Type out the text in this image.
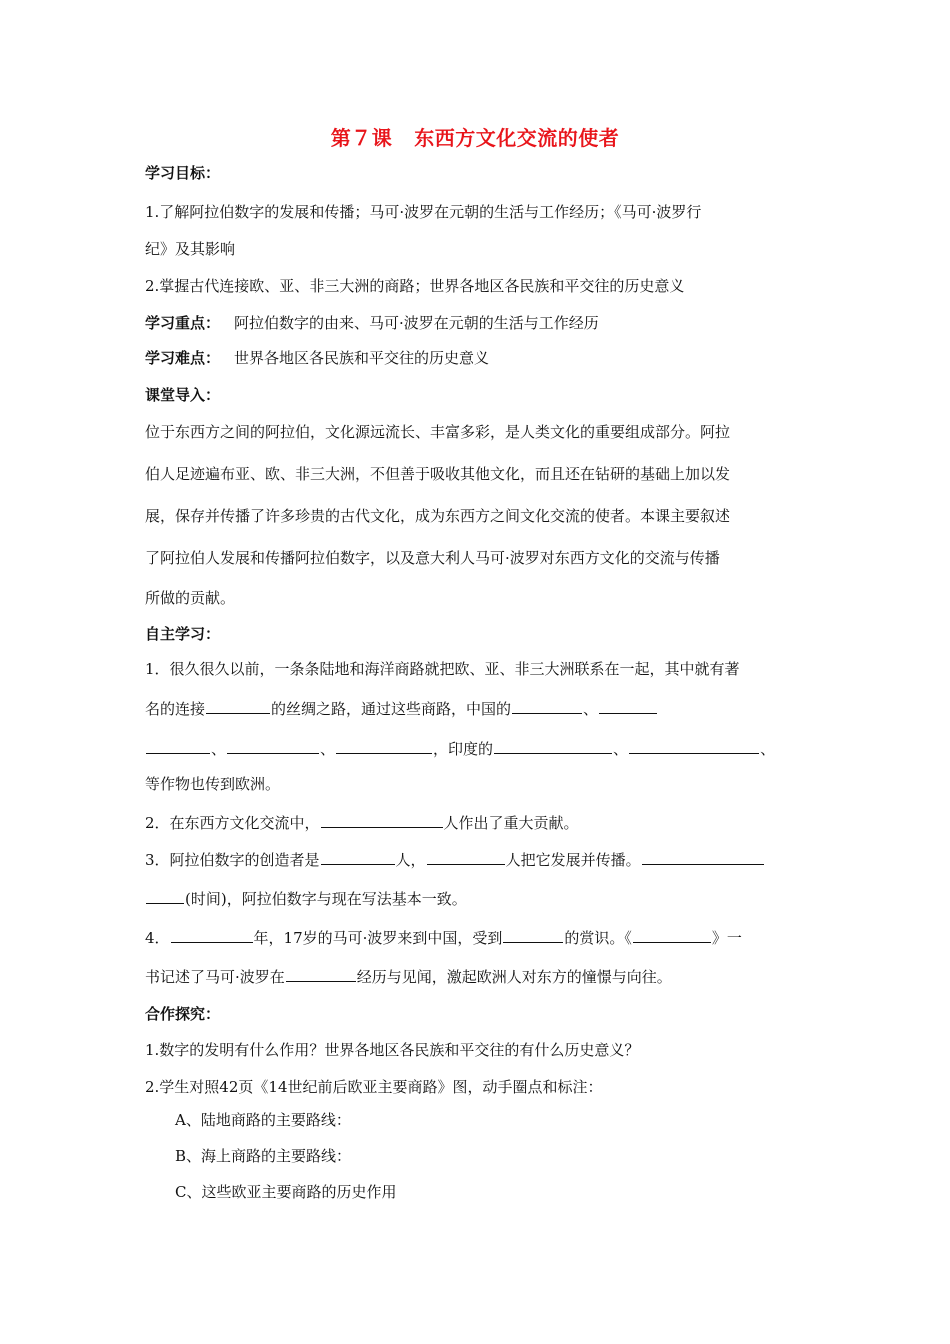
第７课 东西方文化交流的使者
学习目标：
1.了解阿拉伯数字的发展和传播；马可·波罗在元朝的生活与工作经历；《马可·波罗行
纪》及其影响
2.掌握古代连接欧、亚、非三大洲的商路；世界各地区各民族和平交往的历史意义
学习重点： 阿拉伯数字的由来、马可·波罗在元朝的生活与工作经历
学习难点： 世界各地区各民族和平交往的历史意义
课堂导入：
位于东西方之间的阿拉伯，文化源远流长、丰富多彩，是人类文化的重要组成部分。阿拉
伯人足迹遍布亚、欧、非三大洲，不但善于吸收其他文化，而且还在钻研的基础上加以发
展，保存并传播了许多珍贵的古代文化，成为东西方之间文化交流的使者。本课主要叙述
了阿拉伯人发展和传播阿拉伯数字，以及意大利人马可·波罗对东西方文化的交流与传播
所做的贡献。
自主学习：
1．很久很久以前，一条条陆地和海洋商路就把欧、亚、非三大洲联系在一起，其中就有著
名的连接	的丝绸之路，通过这些商路，中国的	、
、	、	，印度的	、	、
等作物也传到欧洲。
2．在东西方文化交流中，	人作出了重大贡献。
3．阿拉伯数字的创造者是	人，	人把它发展并传播。
(时间)，阿拉伯数字与现在写法基本一致。
4．	年，17岁的马可·波罗来到中国，受到	的赏识。《	》一
书记述了马可·波罗在	经历与见闻，激起欧洲人对东方的憧憬与向往。
合作探究：
1.数字的发明有什么作用？世界各地区各民族和平交往的有什么历史意义？
2.学生对照42页《14世纪前后欧亚主要商路》图，动手圈点和标注：
A、陆地商路的主要路线：
B、海上商路的主要路线：
C、这些欧亚主要商路的历史作用
